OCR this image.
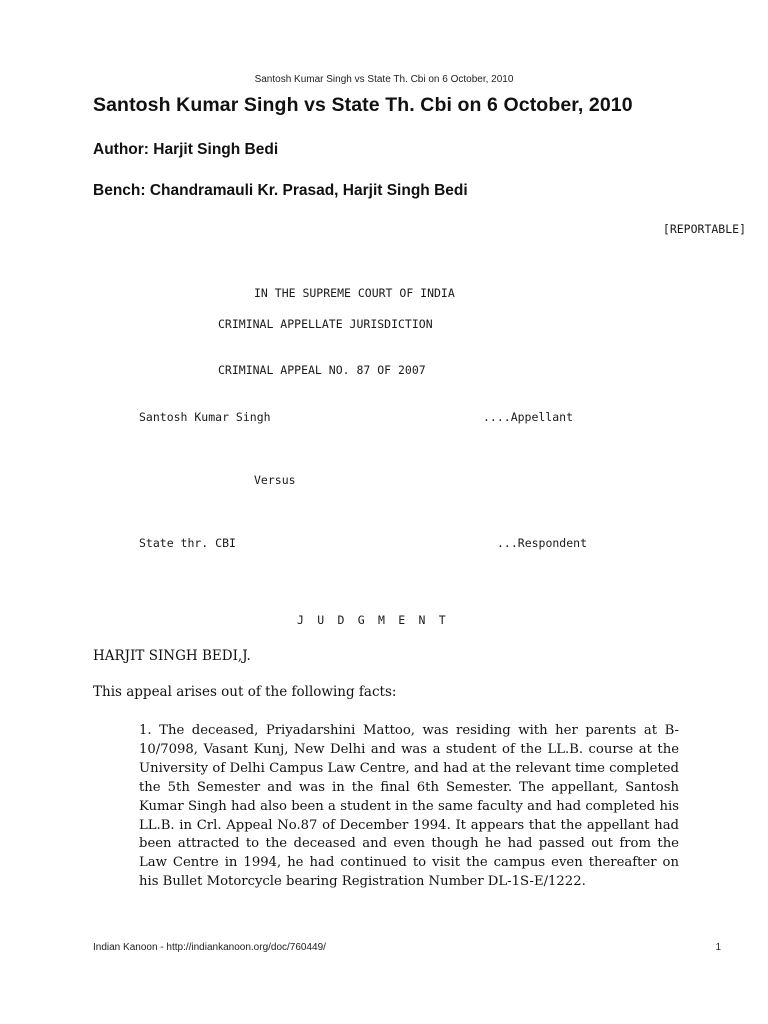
Santosh Kumar Singh vs State Th. Cbi on 6 October, 2010
Santosh Kumar Singh vs State Th. Cbi on 6 October, 2010
Author: Harjit Singh Bedi
Bench: Chandramauli Kr. Prasad, Harjit Singh Bedi
[REPORTABLE]
IN THE SUPREME COURT OF INDIA
CRIMINAL APPELLATE JURISDICTION
CRIMINAL APPEAL NO. 87 OF 2007
Santosh Kumar Singh	....Appellant
Versus
State thr. CBI	...Respondent
J U D G M E N T
HARJIT SINGH BEDI,J.
This appeal arises out of the following facts:

1. The deceased, Priyadarshini Mattoo, was residing with her parents at B-10/7098, Vasant Kunj, New Delhi and was a student of the LL.B. course at the University of Delhi Campus Law Centre, and had at the relevant time completed the 5th Semester and was in the final 6th Semester. The appellant, Santosh Kumar Singh had also been a student in the same faculty and had completed his LL.B. in Crl. Appeal No.87 of December 1994. It appears that the appellant had been attracted to the deceased and even though he had passed out from the Law Centre in 1994, he had continued to visit the campus even thereafter on his Bullet Motorcycle bearing Registration Number DL-1S-E/1222.

Indian Kanoon - http://indiankanoon.org/doc/760449/	1
